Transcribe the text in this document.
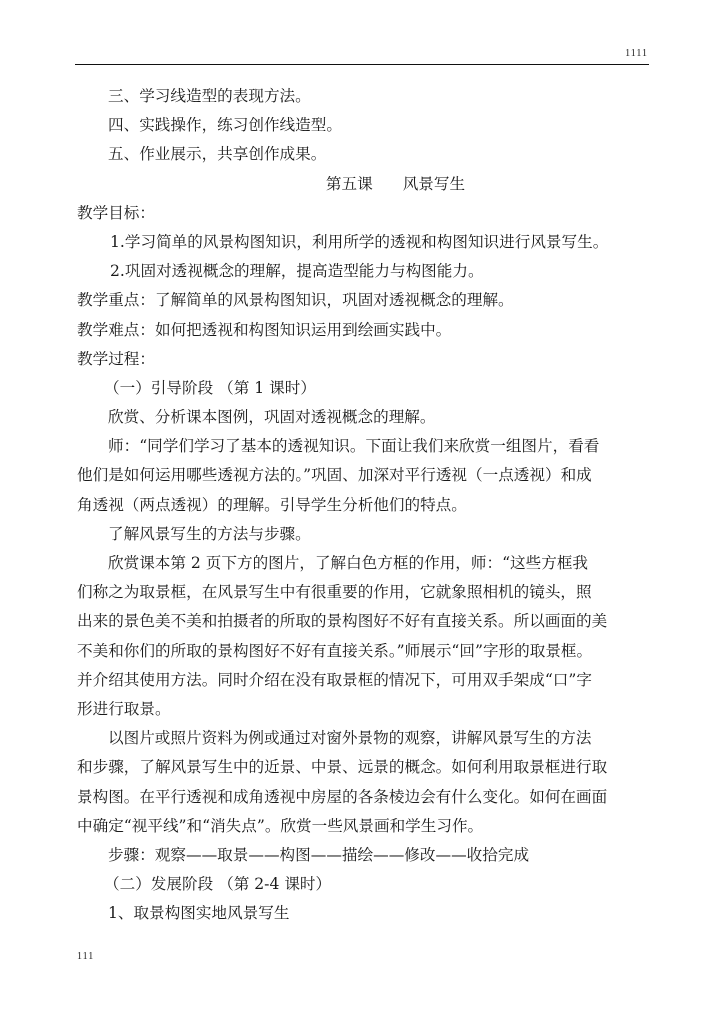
1111
三、学习线造型的表现方法。
四、实践操作，练习创作线造型。
五、作业展示，共享创作成果。
第五课 风景写生
教学目标：
1.学习简单的风景构图知识，利用所学的透视和构图知识进行风景写生。
2.巩固对透视概念的理解，提高造型能力与构图能力。
教学重点：了解简单的风景构图知识，巩固对透视概念的理解。
教学难点：如何把透视和构图知识运用到绘画实践中。
教学过程：
（一）引导阶段 （第 1 课时）
欣赏、分析课本图例，巩固对透视概念的理解。
师：“同学们学习了基本的透视知识。下面让我们来欣赏一组图片，看看
他们是如何运用哪些透视方法的。”巩固、加深对平行透视（一点透视）和成
角透视（两点透视）的理解。引导学生分析他们的特点。
了解风景写生的方法与步骤。
欣赏课本第 2 页下方的图片，了解白色方框的作用，师：“这些方框我
们称之为取景框，在风景写生中有很重要的作用，它就象照相机的镜头，照
出来的景色美不美和拍摄者的所取的景构图好不好有直接关系。所以画面的美
不美和你们的所取的景构图好不好有直接关系。”师展示“回”字形的取景框。
并介绍其使用方法。同时介绍在没有取景框的情况下，可用双手架成“口”字
形进行取景。
以图片或照片资料为例或通过对窗外景物的观察，讲解风景写生的方法
和步骤，了解风景写生中的近景、中景、远景的概念。如何利用取景框进行取
景构图。在平行透视和成角透视中房屋的各条棱边会有什么变化。如何在画面
中确定“视平线”和“消失点”。欣赏一些风景画和学生习作。
步骤：观察——取景——构图——描绘——修改——收拾完成
（二）发展阶段 （第 2-4 课时）
1、取景构图实地风景写生
111
